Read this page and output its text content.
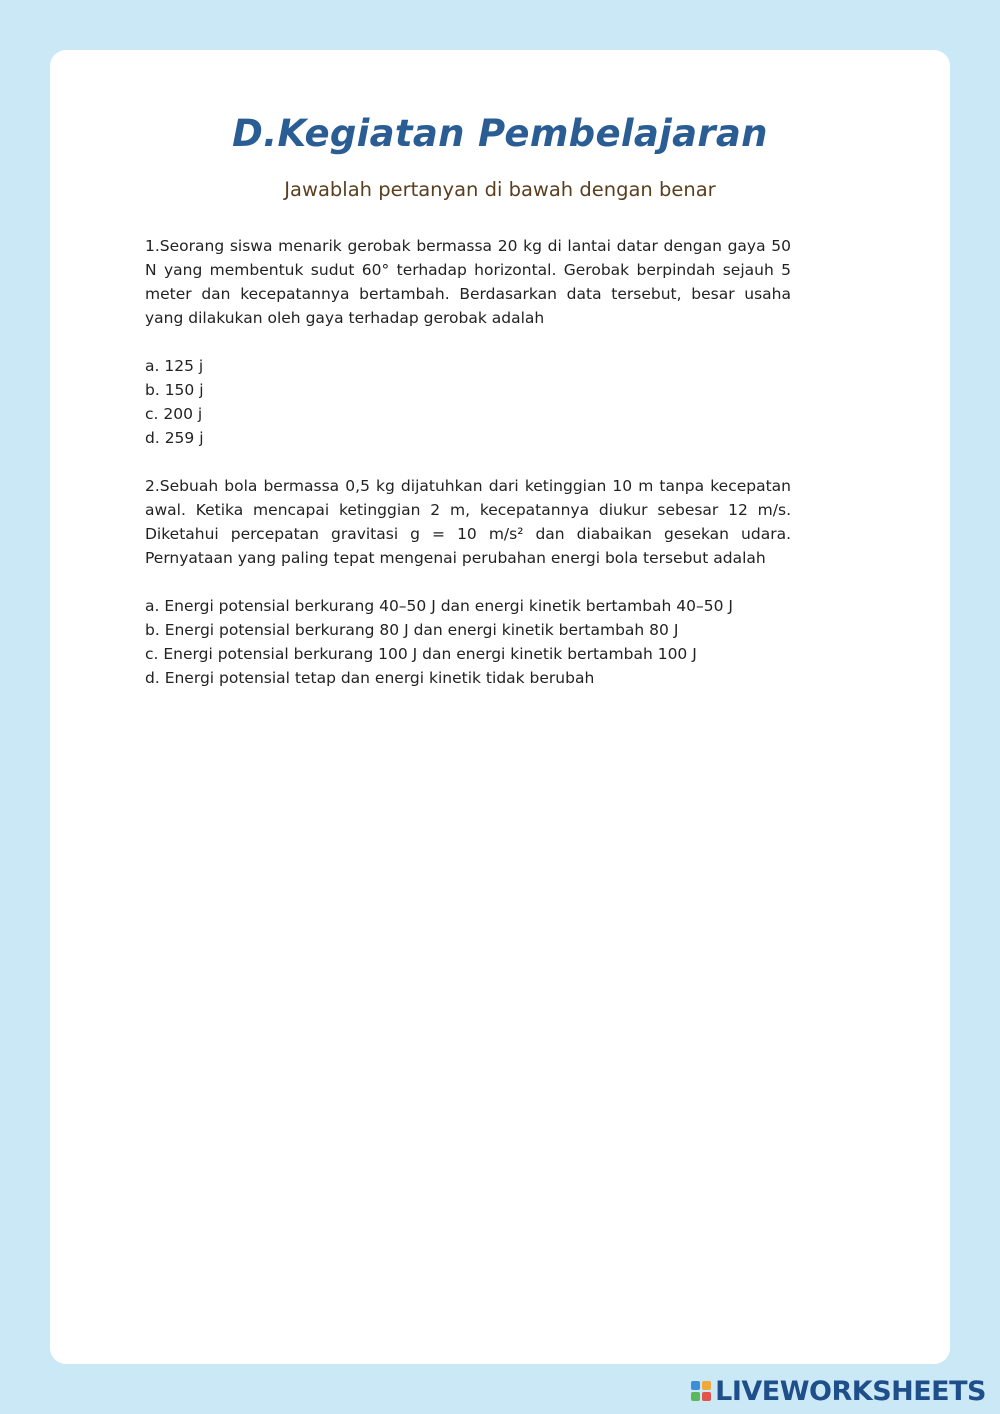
D.Kegiatan Pembelajaran

Jawablah pertanyan di bawah dengan benar

1.Seorang siswa menarik gerobak bermassa 20 kg di lantai datar dengan gaya 50 N yang membentuk sudut 60° terhadap horizontal. Gerobak berpindah sejauh 5 meter dan kecepatannya bertambah. Berdasarkan data tersebut, besar usaha yang dilakukan oleh gaya terhadap gerobak adalah

a. 125 j
b. 150 j
c. 200 j
d. 259 j

2.Sebuah bola bermassa 0,5 kg dijatuhkan dari ketinggian 10 m tanpa kecepatan awal. Ketika mencapai ketinggian 2 m, kecepatannya diukur sebesar 12 m/s. Diketahui percepatan gravitasi g = 10 m/s² dan diabaikan gesekan udara. Pernyataan yang paling tepat mengenai perubahan energi bola tersebut adalah

a. Energi potensial berkurang 40–50 J dan energi kinetik bertambah 40–50 J
b. Energi potensial berkurang 80 J dan energi kinetik bertambah 80 J
c. Energi potensial berkurang 100 J dan energi kinetik bertambah 100 J
d. Energi potensial tetap dan energi kinetik tidak berubah
LIVEWORKSHEETS
